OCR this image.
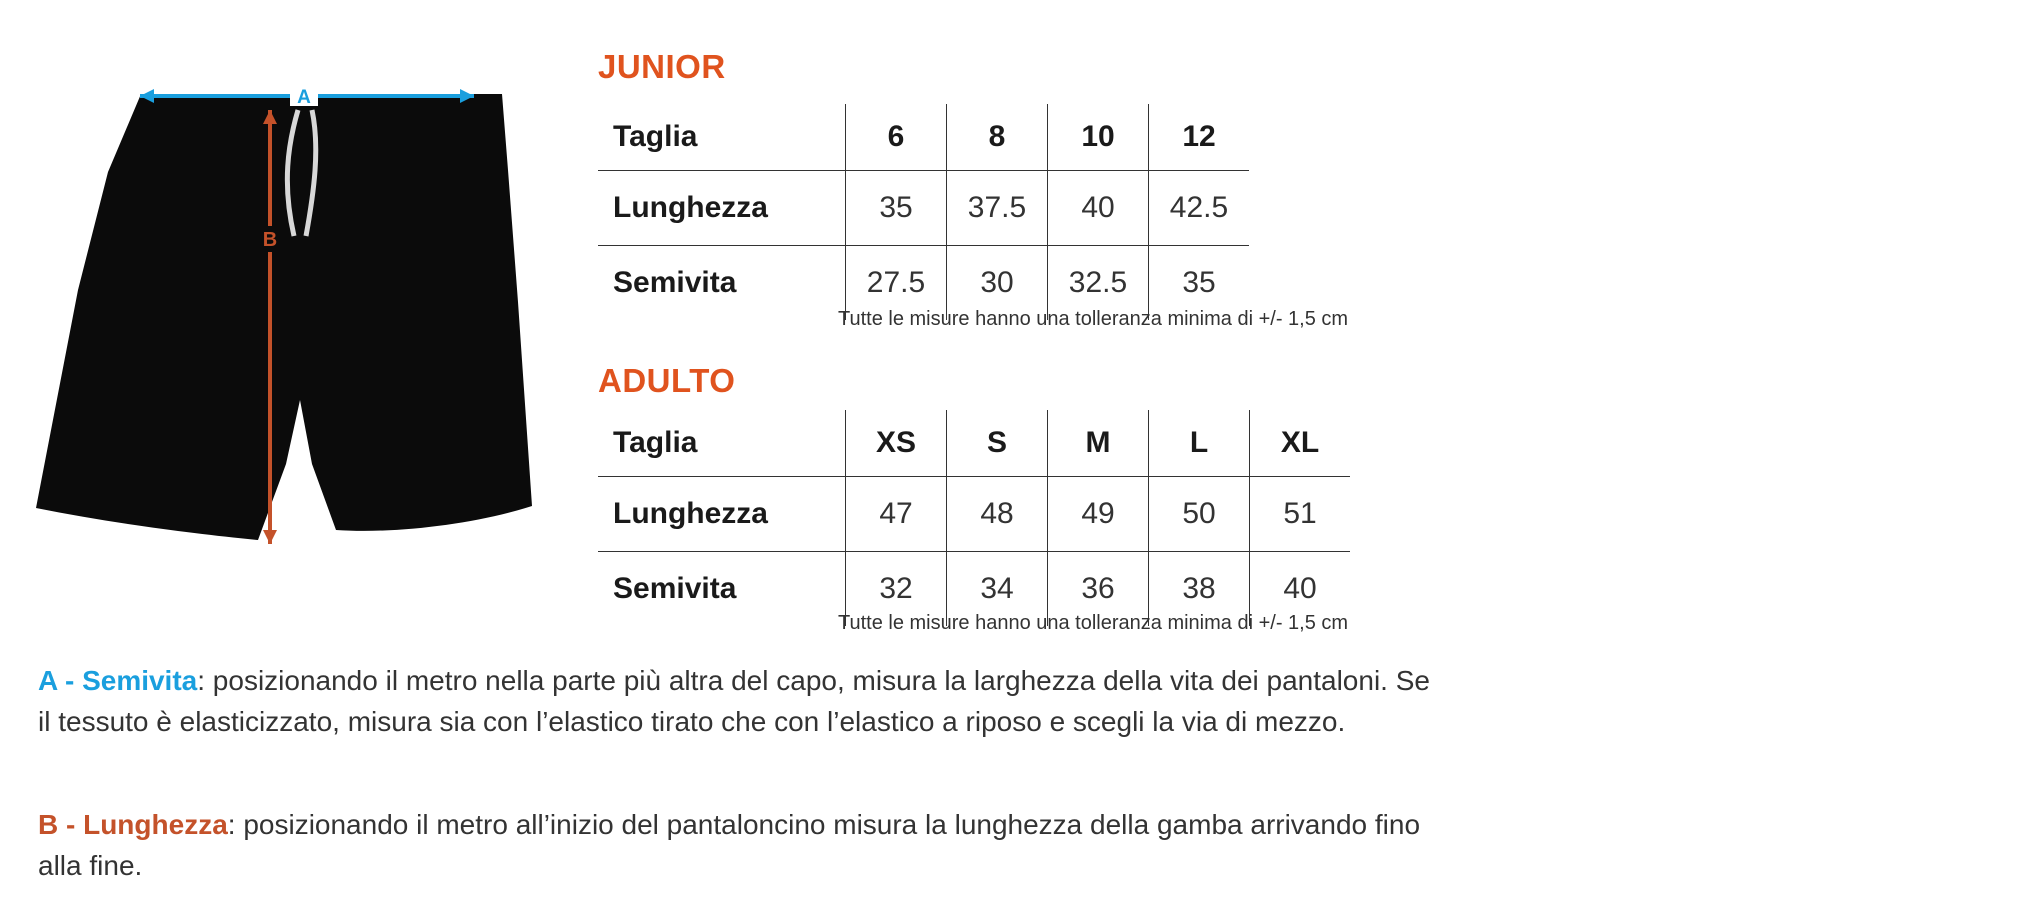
A
B
JUNIOR
Taglia	6	8	10	12
Lunghezza	35	37.5	40	42.5
Semivita	27.5	30	32.5	35
Tutte le misure hanno una tolleranza minima di +/- 1,5 cm
ADULTO
Taglia	XS	S	M	L	XL
Lunghezza	47	48	49	50	51
Semivita	32	34	36	38	40
Tutte le misure hanno una tolleranza minima di +/- 1,5 cm

A - Semivita: posizionando il metro nella parte più altra del capo, misura la larghezza della vita dei pantaloni. Se il tessuto è elasticizzato, misura sia con l’elastico tirato che con l’elastico a riposo e scegli la via di mezzo.

B - Lunghezza: posizionando il metro all’inizio del pantaloncino misura la lunghezza della gamba arrivando fino alla fine.
